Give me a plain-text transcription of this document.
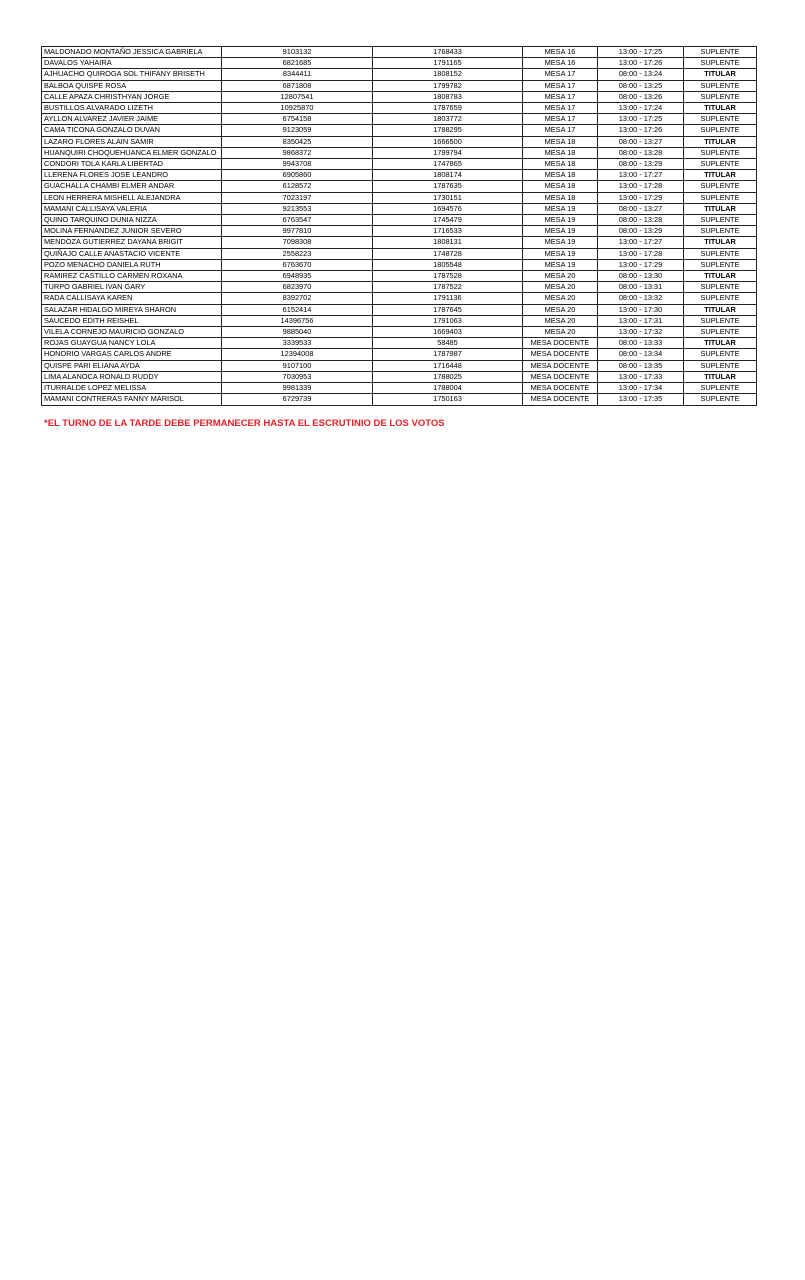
MALDONADO MONTAÑO JESSICA GABRIELA	9103132	1768433	MESA 16	13:00 - 17:25	SUPLENTE
DAVALOS YAHAIRA	6821685	1791165	MESA 16	13:00 - 17:26	SUPLENTE
AJHUACHO QUIROGA SOL THIFANY BRISETH	8344411	1808152	MESA 17	08:00 - 13:24	TITULAR
BALBOA QUISPE ROSA	6871808	1799782	MESA 17	08:00 - 13:25	SUPLENTE
CALLE APAZA CHRISTHYAN JORGE	12807541	1808783	MESA 17	08:00 - 13:26	SUPLENTE
BUSTILLOS ALVARADO LIZETH	10925870	1787659	MESA 17	13:00 - 17:24	TITULAR
AYLLON ALVAREZ JAVIER JAIME	6754158	1803772	MESA 17	13:00 - 17:25	SUPLENTE
CAMA TICONA GONZALO DUVAN	9123059	1788295	MESA 17	13:00 - 17:26	SUPLENTE
LAZARO FLORES ALAIN SAMIR	8350425	1666500	MESA 18	08:00 - 13:27	TITULAR
HUANQUIRI CHOQUEHUANCA ELMER GONZALO	9868372	1799794	MESA 18	08:00 - 13:28	SUPLENTE
CONDORI TOLA KARLA LIBERTAD	9943708	1747865	MESA 18	08:00 - 13:29	SUPLENTE
LLERENA FLORES JOSE LEANDRO	6905860	1808174	MESA 18	13:00 - 17:27	TITULAR
GUACHALLA CHAMBI ELMER ANDAR	6128572	1787635	MESA 18	13:00 - 17:28	SUPLENTE
LEON HERRERA MISHELL ALEJANDRA	7023197	1730151	MESA 18	13:00 - 17:29	SUPLENTE
MAMANI CALLISAYA VALERIA	9213553	1694576	MESA 19	08:00 - 13:27	TITULAR
QUINO TARQUINO DUNIA NIZZA	6763547	1745479	MESA 19	08:00 - 13:28	SUPLENTE
MOLINA FERNANDEZ JUNIOR SEVERO	9977810	1716533	MESA 19	08:00 - 13:29	SUPLENTE
MENDOZA GUTIERREZ DAYANA BRIGIT	7098308	1808131	MESA 19	13:00 - 17:27	TITULAR
QUIÑAJO CALLE ANASTACIO VICENTE	2558223	1748728	MESA 19	13:00 - 17:28	SUPLENTE
POZO MENACHO DANIELA RUTH	6763670	1805548	MESA 19	13:00 - 17:29	SUPLENTE
RAMIREZ CASTILLO CARMEN ROXANA	6948935	1787528	MESA 20	08:00 - 13:30	TITULAR
TURPO GABRIEL IVAN GARY	6823970	1787522	MESA 20	08:00 - 13:31	SUPLENTE
RADA CALLISAYA KAREN	8392702	1791136	MESA 20	08:00 - 13:32	SUPLENTE
SALAZAR HIDALGO MIREYA SHARON	6152414	1787645	MESA 20	13:00 - 17:30	TITULAR
SAUCEDO EDITH REISHEL	14396756	1791063	MESA 20	13:00 - 17:31	SUPLENTE
VILELA CORNEJO MAURICIO GONZALO	9885040	1669403	MESA 20	13:00 - 17:32	SUPLENTE
ROJAS GUAYGUA NANCY LOLA	3339533	58485	MESA DOCENTE	08:00 - 13:33	TITULAR
HONORIO VARGAS CARLOS ANDRE	12394008	1787987	MESA DOCENTE	08:00 - 13:34	SUPLENTE
QUISPE PARI ELIANA AYDA	9107100	1716448	MESA DOCENTE	08:00 - 13:35	SUPLENTE
LIMA ALANOCA RONALD RUDDY	7030953	1788025	MESA DOCENTE	13:00 - 17:33	TITULAR
ITURRALDE LOPEZ MELISSA	9981339	1788004	MESA DOCENTE	13:00 - 17:34	SUPLENTE
MAMANI CONTRERAS FANNY MARISOL	6729739	1750163	MESA DOCENTE	13:00 - 17:35	SUPLENTE
*EL TURNO DE LA TARDE DEBE PERMANECER HASTA EL ESCRUTINIO DE LOS VOTOS
